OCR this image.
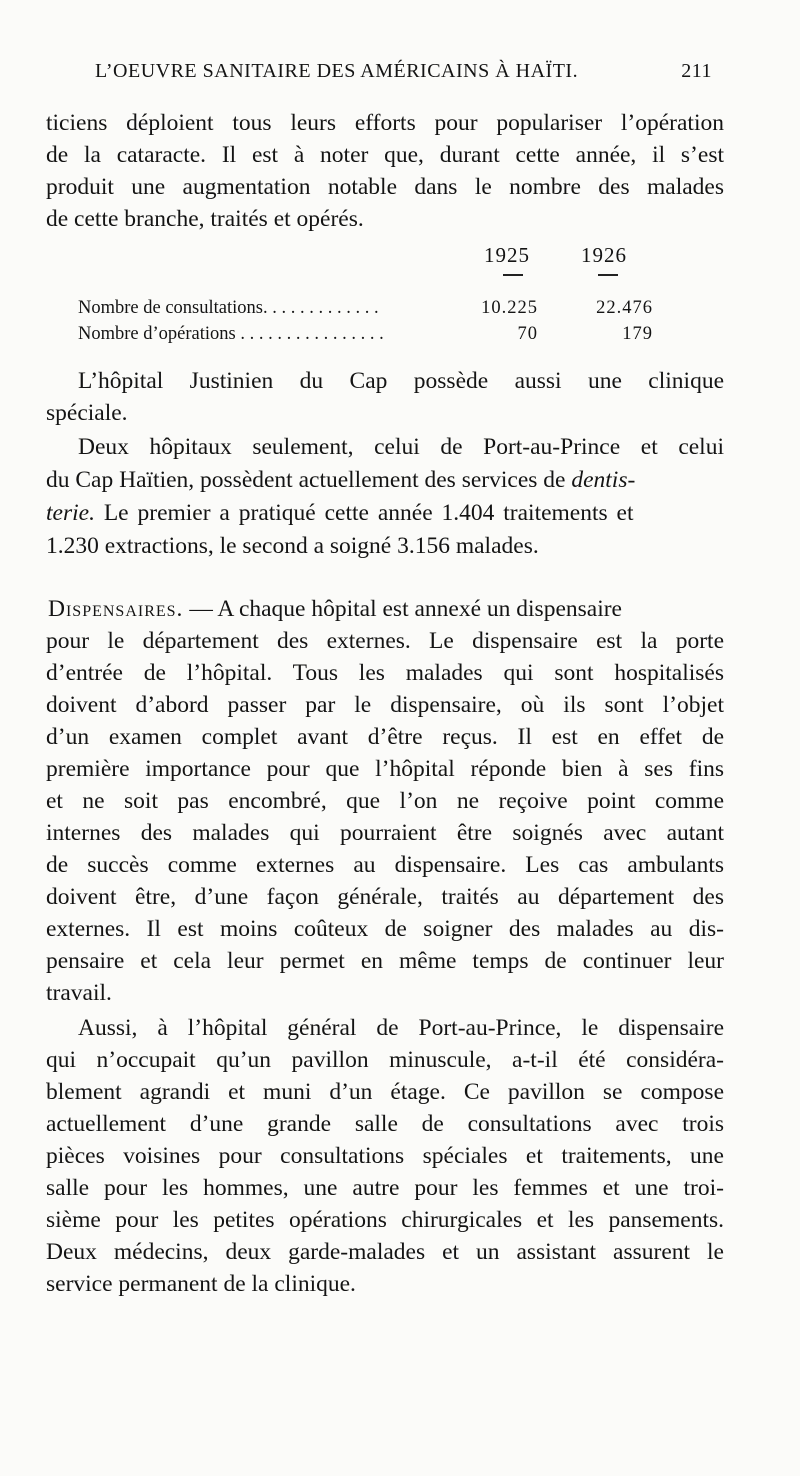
L’OEUVRE SANITAIRE DES AMÉRICAINS À HAÏTI.	211
ticiens déploient tous leurs efforts pour populariser l’opération
de la cataracte. Il est à noter que, durant cette année, il s’est
produit une augmentation notable dans le nombre des malades
de cette branche, traités et opérés.
1925 1926
Nombre de consultations. . . . . . . . . . . . .	10.225	22.476
Nombre d’opérations . . . . . . . . . . . . . . . .	70	179
L’hôpital Justinien du Cap possède aussi une clinique
spéciale.
Deux hôpitaux seulement, celui de Port-au-Prince et celui
du Cap Haïtien, possèdent actuellement des services de dentis-
terie. Le premier a pratiqué cette année 1.404 traitements et
1.230 extractions, le second a soigné 3.156 malades.
Dispensaires. — A chaque hôpital est annexé un dispensaire
pour le département des externes. Le dispensaire est la porte
d’entrée de l’hôpital. Tous les malades qui sont hospitalisés
doivent d’abord passer par le dispensaire, où ils sont l’objet
d’un examen complet avant d’être reçus. Il est en effet de
première importance pour que l’hôpital réponde bien à ses fins
et ne soit pas encombré, que l’on ne reçoive point comme
internes des malades qui pourraient être soignés avec autant
de succès comme externes au dispensaire. Les cas ambulants
doivent être, d’une façon générale, traités au département des
externes. Il est moins coûteux de soigner des malades au dis-
pensaire et cela leur permet en même temps de continuer leur
travail.
Aussi, à l’hôpital général de Port-au-Prince, le dispensaire
qui n’occupait qu’un pavillon minuscule, a-t-il été considéra-
blement agrandi et muni d’un étage. Ce pavillon se compose
actuellement d’une grande salle de consultations avec trois
pièces voisines pour consultations spéciales et traitements, une
salle pour les hommes, une autre pour les femmes et une troi-
sième pour les petites opérations chirurgicales et les pansements.
Deux médecins, deux garde-malades et un assistant assurent le
service permanent de la clinique.
